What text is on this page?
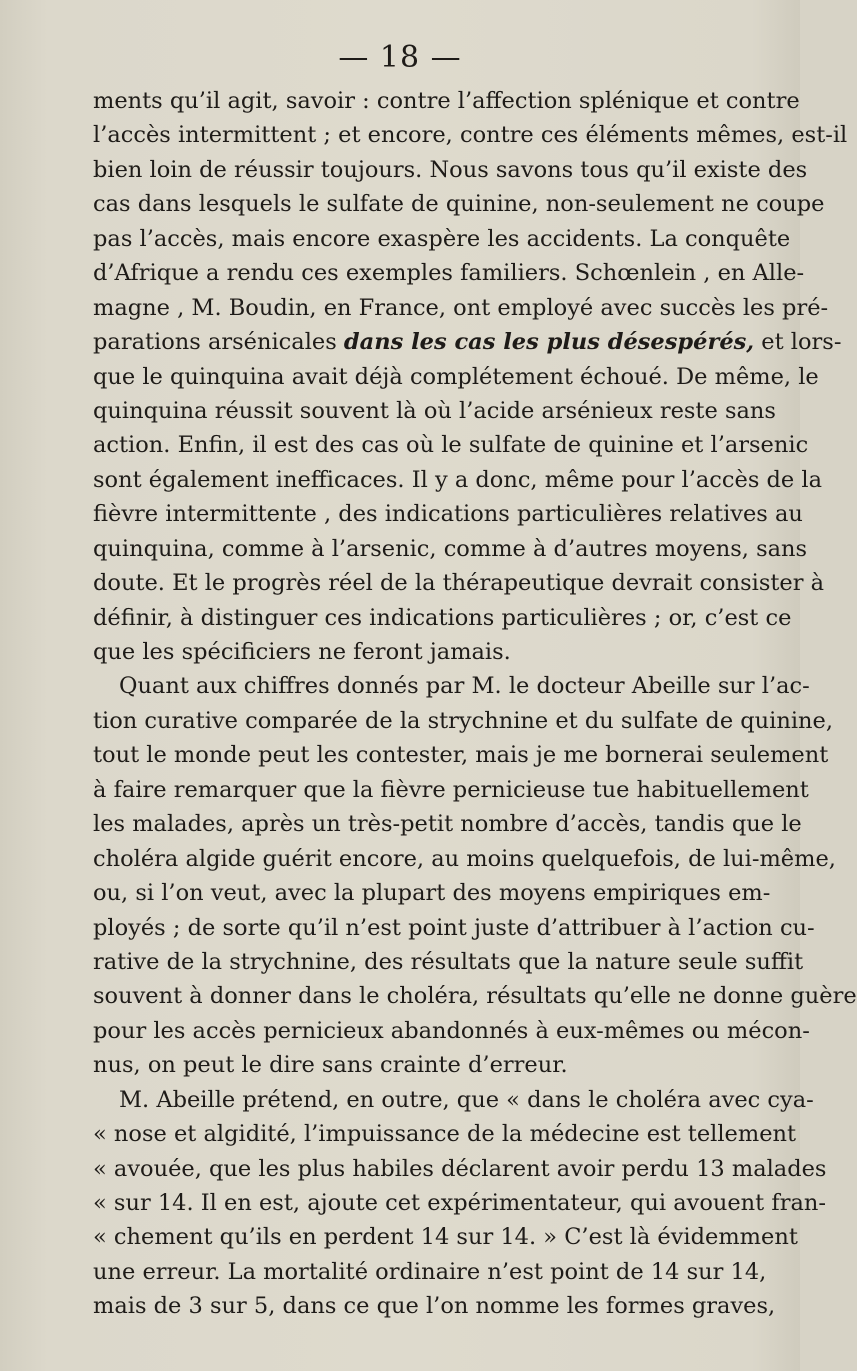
— 18 —
ments qu’il agit, savoir : contre l’affection splénique et contre
l’accès intermittent ; et encore, contre ces éléments mêmes, est-il
bien loin de réussir toujours. Nous savons tous qu’il existe des
cas dans lesquels le sulfate de quinine, non-seulement ne coupe
pas l’accès, mais encore exaspère les accidents. La conquête
d’Afrique a rendu ces exemples familiers. Schœnlein , en Alle-
magne , M. Boudin, en France, ont employé avec succès les pré-
parations arsénicales dans les cas les plus désespérés, et lors-
que le quinquina avait déjà complétement échoué. De même, le
quinquina réussit souvent là où l’acide arsénieux reste sans
action. Enfin, il est des cas où le sulfate de quinine et l’arsenic
sont également inefficaces. Il y a donc, même pour l’accès de la
fièvre intermittente , des indications particulières relatives au
quinquina, comme à l’arsenic, comme à d’autres moyens, sans
doute. Et le progrès réel de la thérapeutique devrait consister à
définir, à distinguer ces indications particulières ; or, c’est ce
que les spécificiers ne feront jamais.
Quant aux chiffres donnés par M. le docteur Abeille sur l’ac-
tion curative comparée de la strychnine et du sulfate de quinine,
tout le monde peut les contester, mais je me bornerai seulement
à faire remarquer que la fièvre pernicieuse tue habituellement
les malades, après un très-petit nombre d’accès, tandis que le
choléra algide guérit encore, au moins quelquefois, de lui-même,
ou, si l’on veut, avec la plupart des moyens empiriques em-
ployés ; de sorte qu’il n’est point juste d’attribuer à l’action cu-
rative de la strychnine, des résultats que la nature seule suffit
souvent à donner dans le choléra, résultats qu’elle ne donne guère
pour les accès pernicieux abandonnés à eux-mêmes ou mécon-
nus, on peut le dire sans crainte d’erreur.
M. Abeille prétend, en outre, que « dans le choléra avec cya-
« nose et algidité, l’impuissance de la médecine est tellement
« avouée, que les plus habiles déclarent avoir perdu 13 malades
« sur 14. Il en est, ajoute cet expérimentateur, qui avouent fran-
« chement qu’ils en perdent 14 sur 14. » C’est là évidemment
une erreur. La mortalité ordinaire n’est point de 14 sur 14,
mais de 3 sur 5, dans ce que l’on nomme les formes graves,
